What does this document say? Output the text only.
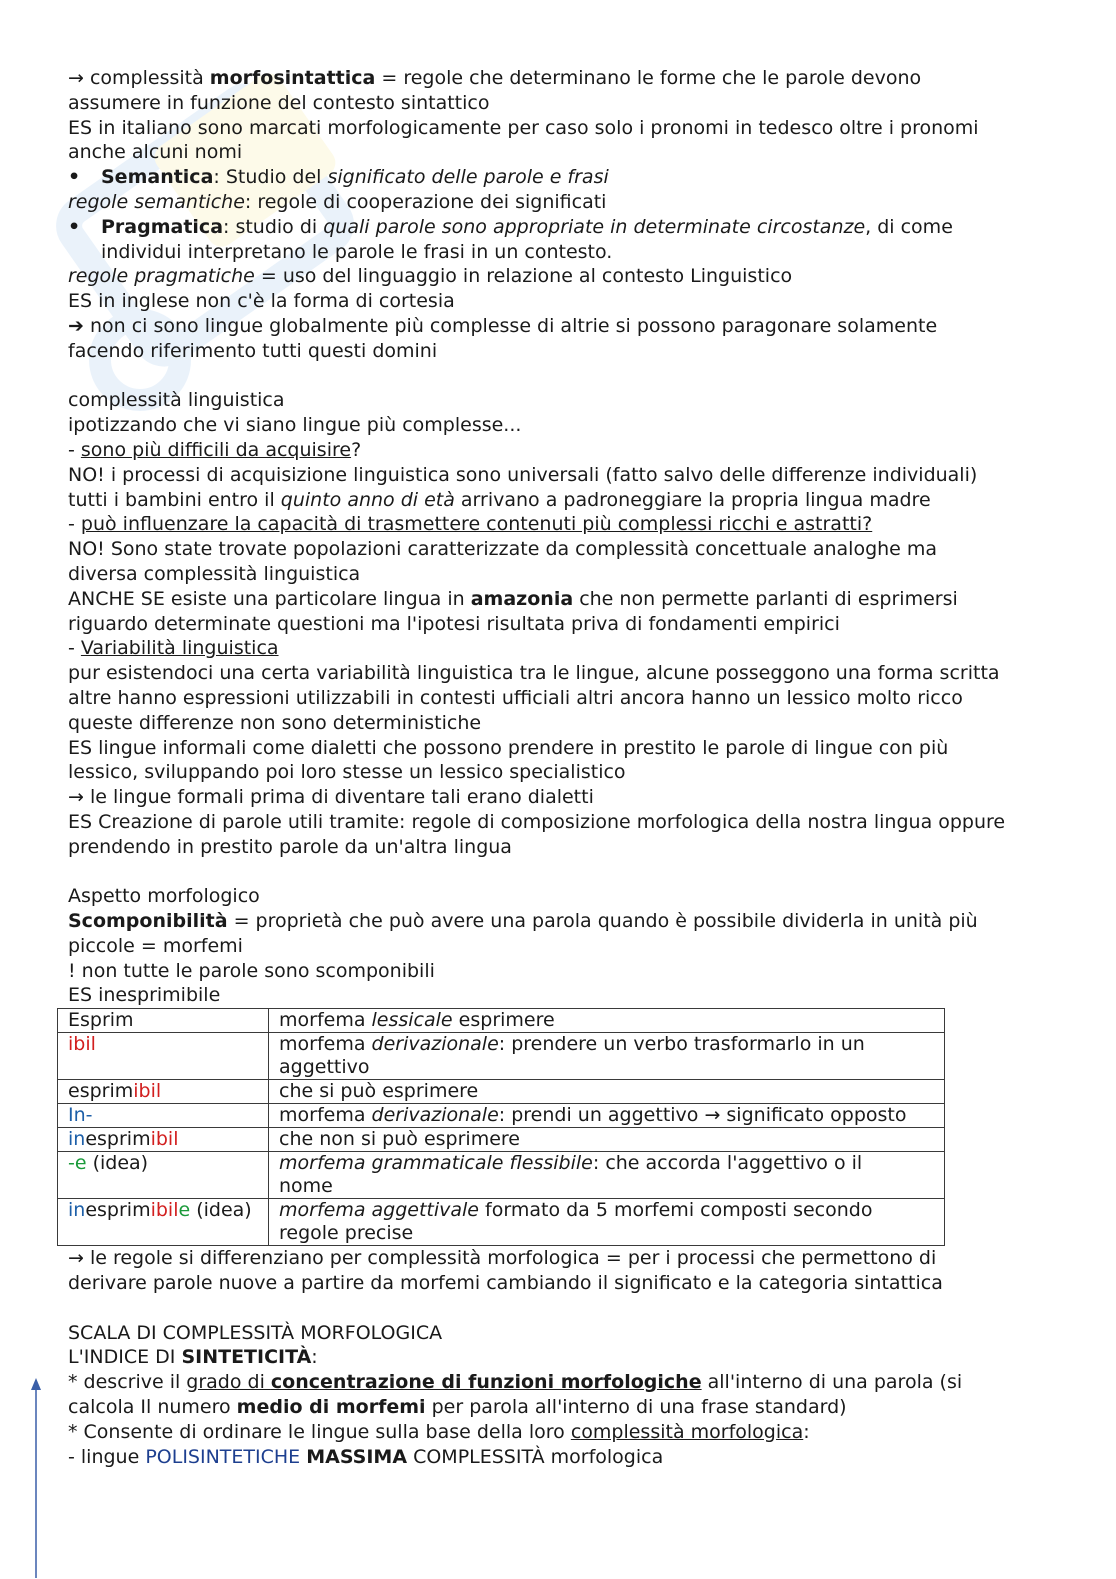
→ complessità morfosintattica = regole che determinano le forme che le parole devono
assumere in funzione del contesto sintattico
ES in italiano sono marcati morfologicamente per caso solo i pronomi in tedesco oltre i pronomi
anche alcuni nomi
• Semantica: Studio del significato delle parole e frasi
regole semantiche: regole di cooperazione dei significati
• Pragmatica: studio di quali parole sono appropriate in determinate circostanze, di come
individui interpretano le parole le frasi in un contesto.
regole pragmatiche = uso del linguaggio in relazione al contesto Linguistico
ES in inglese non c'è la forma di cortesia
➔ non ci sono lingue globalmente più complesse di altrie si possono paragonare solamente
facendo riferimento tutti questi domini
complessità linguistica
ipotizzando che vi siano lingue più complesse...
- sono più difficili da acquisire?
NO! i processi di acquisizione linguistica sono universali (fatto salvo delle differenze individuali)
tutti i bambini entro il quinto anno di età arrivano a padroneggiare la propria lingua madre
- può influenzare la capacità di trasmettere contenuti più complessi ricchi e astratti?
NO! Sono state trovate popolazioni caratterizzate da complessità concettuale analoghe ma
diversa complessità linguistica
ANCHE SE esiste una particolare lingua in amazonia che non permette parlanti di esprimersi
riguardo determinate questioni ma l'ipotesi risultata priva di fondamenti empirici
- Variabilità linguistica
pur esistendoci una certa variabilità linguistica tra le lingue, alcune posseggono una forma scritta
altre hanno espressioni utilizzabili in contesti ufficiali altri ancora hanno un lessico molto ricco
queste differenze non sono deterministiche
ES lingue informali come dialetti che possono prendere in prestito le parole di lingue con più
lessico, sviluppando poi loro stesse un lessico specialistico
→ le lingue formali prima di diventare tali erano dialetti
ES Creazione di parole utili tramite: regole di composizione morfologica della nostra lingua oppure
prendendo in prestito parole da un'altra lingua
Aspetto morfologico
Scomponibilità = proprietà che può avere una parola quando è possibile dividerla in unità più
piccole = morfemi
! non tutte le parole sono scomponibili
ES inesprimibile
Esprim	morfema lessicale esprimere
ibil	morfema derivazionale: prendere un verbo trasformarlo in un
aggettivo
esprimibil	che si può esprimere
In-	morfema derivazionale: prendi un aggettivo → significato opposto
inesprimibil	che non si può esprimere
-e (idea)	morfema grammaticale flessibile: che accorda l'aggettivo o il
nome
inesprimibile (idea)	morfema aggettivale formato da 5 morfemi composti secondo
regole precise
→ le regole si differenziano per complessità morfologica = per i processi che permettono di
derivare parole nuove a partire da morfemi cambiando il significato e la categoria sintattica
SCALA DI COMPLESSITÀ MORFOLOGICA
L'INDICE DI SINTETICITÀ:
* descrive il grado di concentrazione di funzioni morfologiche all'interno di una parola (si
calcola Il numero medio di morfemi per parola all'interno di una frase standard)
* Consente di ordinare le lingue sulla base della loro complessità morfologica:
- lingue POLISINTETICHE MASSIMA COMPLESSITÀ morfologica
